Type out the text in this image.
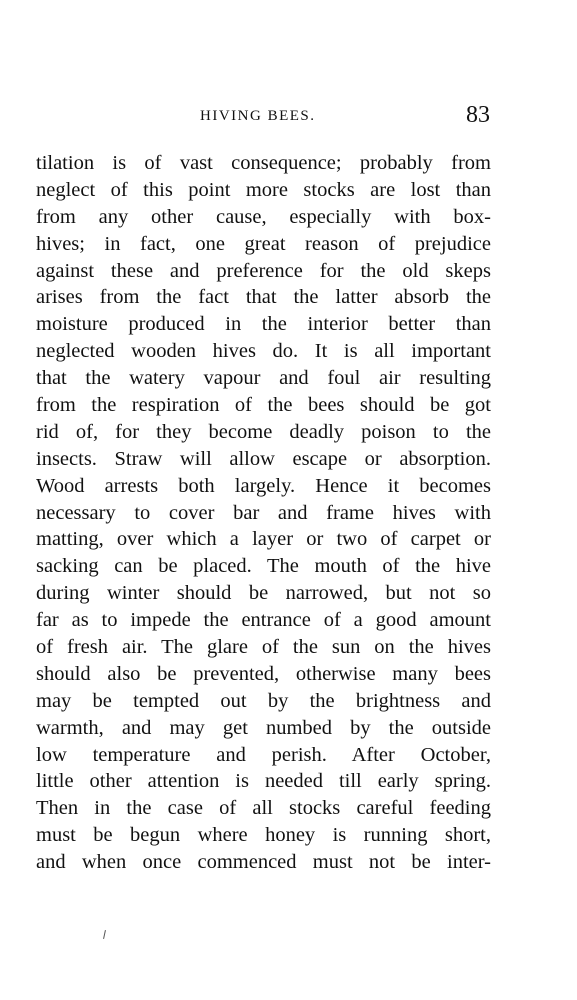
HIVING BEES.	83
tilation is of vast consequence; probably from
neglect of this point more stocks are lost than
from any other cause, especially with box-
hives; in fact, one great reason of prejudice
against these and preference for the old skeps
arises from the fact that the latter absorb the
moisture produced in the interior better than
neglected wooden hives do. It is all important
that the watery vapour and foul air resulting
from the respiration of the bees should be got
rid of, for they become deadly poison to the
insects. Straw will allow escape or absorption.
Wood arrests both largely. Hence it becomes
necessary to cover bar and frame hives with
matting, over which a layer or two of carpet or
sacking can be placed. The mouth of the hive
during winter should be narrowed, but not so
far as to impede the entrance of a good amount
of fresh air. The glare of the sun on the hives
should also be prevented, otherwise many bees
may be tempted out by the brightness and
warmth, and may get numbed by the outside
low temperature and perish. After October,
little other attention is needed till early spring.
Then in the case of all stocks careful feeding
must be begun where honey is running short,
and when once commenced must not be inter-
